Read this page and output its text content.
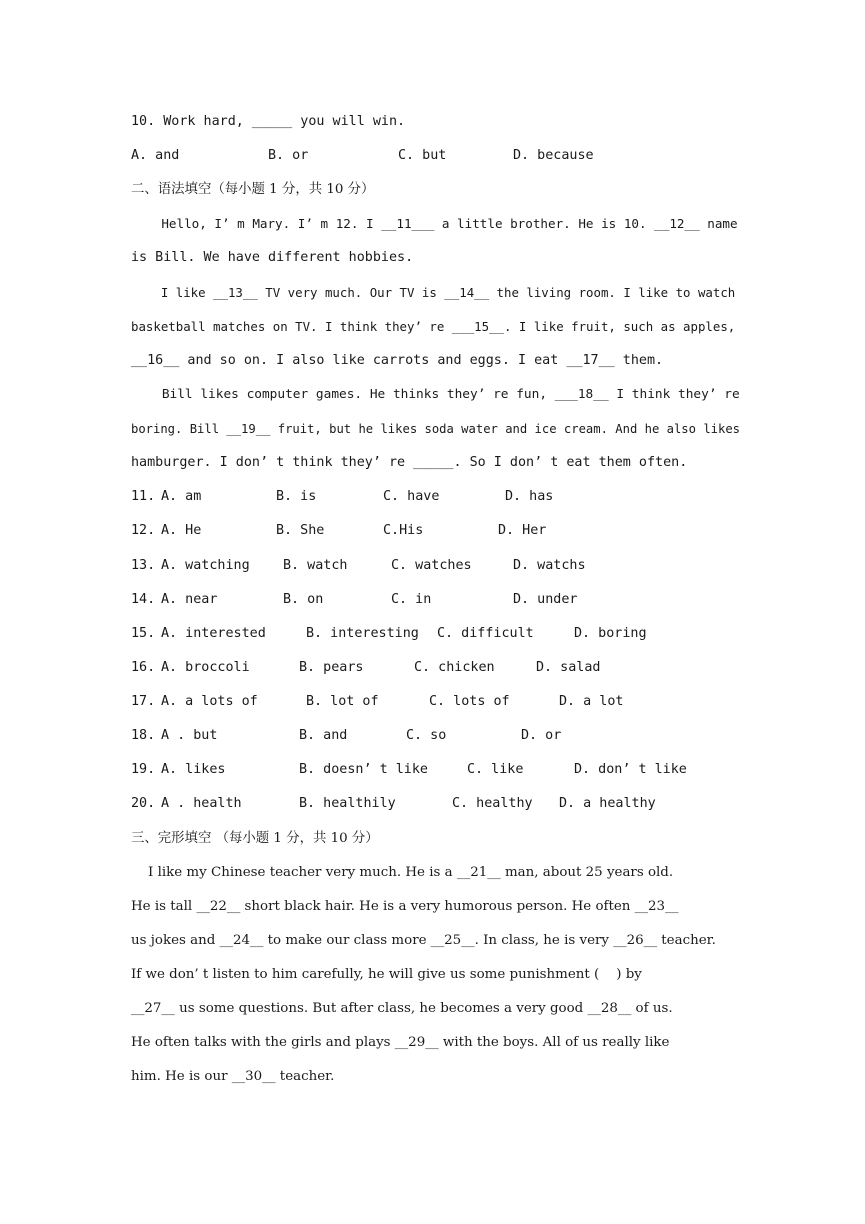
10. Work hard, _____ you will win.
A. and	B. or	C. but	D. because
二、语法填空（每小题 1 分，共 10 分）
Hello, I’ m Mary. I’ m 12. I __11___ a little brother. He is 10. __12__ name
is Bill. We have different hobbies.
I like __13__ TV very much. Our TV is __14__ the living room. I like to watch
basketball matches on TV. I think they’ re ___15__. I like fruit, such as apples,
__16__ and so on. I also like carrots and eggs. I eat __17__ them.
Bill likes computer games. He thinks they’ re fun, ___18__ I think they’ re
boring. Bill __19__ fruit, but he likes soda water and ice cream. And he also likes
hamburger. I don’ t think they’ re _____. So I don’ t eat them often.
11. A. am	B. is	C. have	D. has
12. A. He	B. She	C.His	D. Her
13. A. watching B. watch	C. watches	D. watchs
14. A. near	B. on	C. in	D. under
15. A. interested	B. interesting C. difficult	D. boring
16. A. broccoli	B. pears	C. chicken	D. salad
17. A. a lots of	B. lot of	C. lots of	D. a lot
18. A . but	B. and	C. so	D. or
19. A. likes	B. doesn’ t like	C. like	D. don’ t like
20. A . health	B. healthily	C. healthy D. a healthy
三、完形填空 （每小题 1 分，共 10 分）
I like my Chinese teacher very much. He is a __21__ man, about 25 years old.
He is tall __22__ short black hair. He is a very humorous person. He often __23__
us jokes and __24__ to make our class more __25__. In class, he is very __26__ teacher.
If we don’ t listen to him carefully, he will give us some punishment (    ) by
__27__ us some questions. But after class, he becomes a very good __28__ of us.
He often talks with the girls and plays __29__ with the boys. All of us really like
him. He is our __30__ teacher.
